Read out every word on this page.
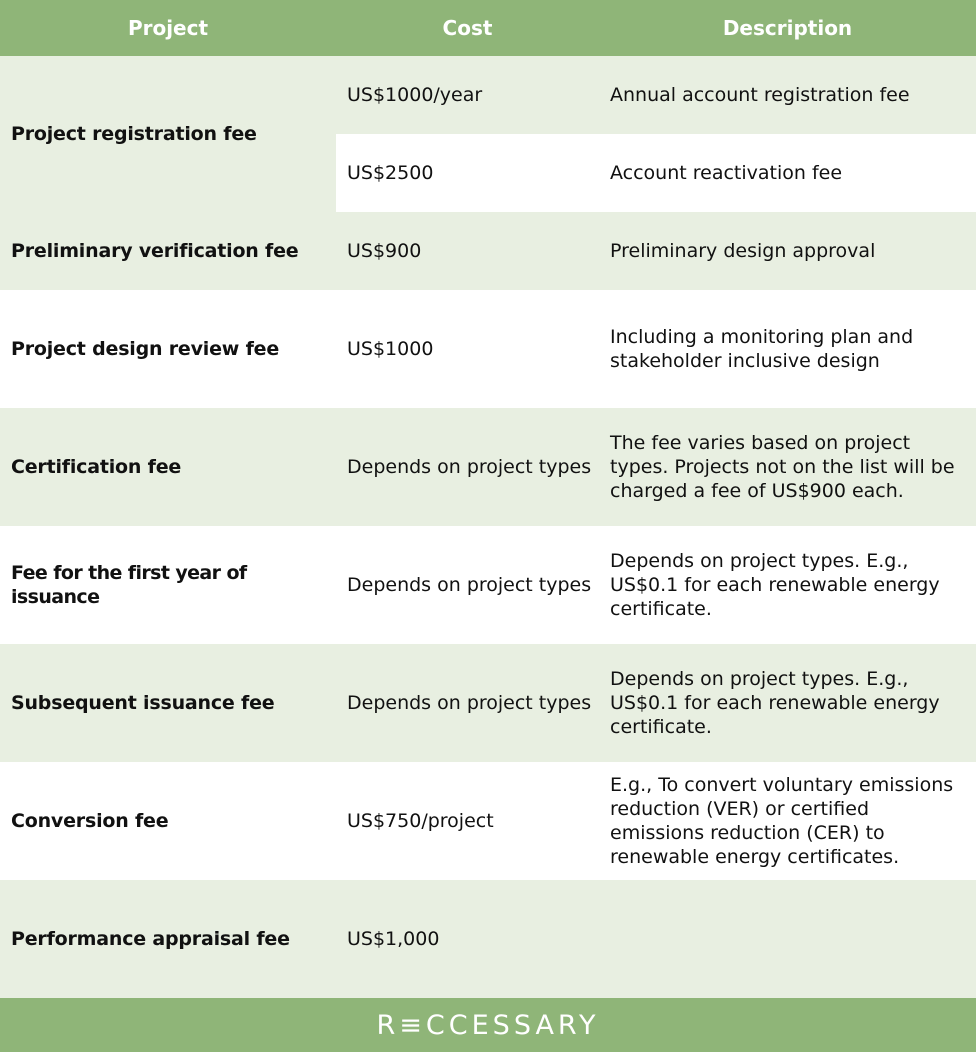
Project	Cost	Description
Project registration fee	US$1000/year	Annual account registration fee
	US$2500	Account reactivation fee
Preliminary verification fee	US$900	Preliminary design approval
Project design review fee	US$1000	Including a monitoring plan and stakeholder inclusive design
Certification fee	Depends on project types	The fee varies based on project types. Projects not on the list will be charged a fee of US$900 each.
Fee for the first year of issuance	Depends on project types	Depends on project types. E.g., US$0.1 for each renewable energy certificate.
Subsequent issuance fee	Depends on project types	Depends on project types. E.g., US$0.1 for each renewable energy certificate.
Conversion fee	US$750/project	E.g., To convert voluntary emissions reduction (VER) or certified emissions reduction (CER) to renewable energy certificates.
Performance appraisal fee	US$1,000	
R≡CCESSARY
